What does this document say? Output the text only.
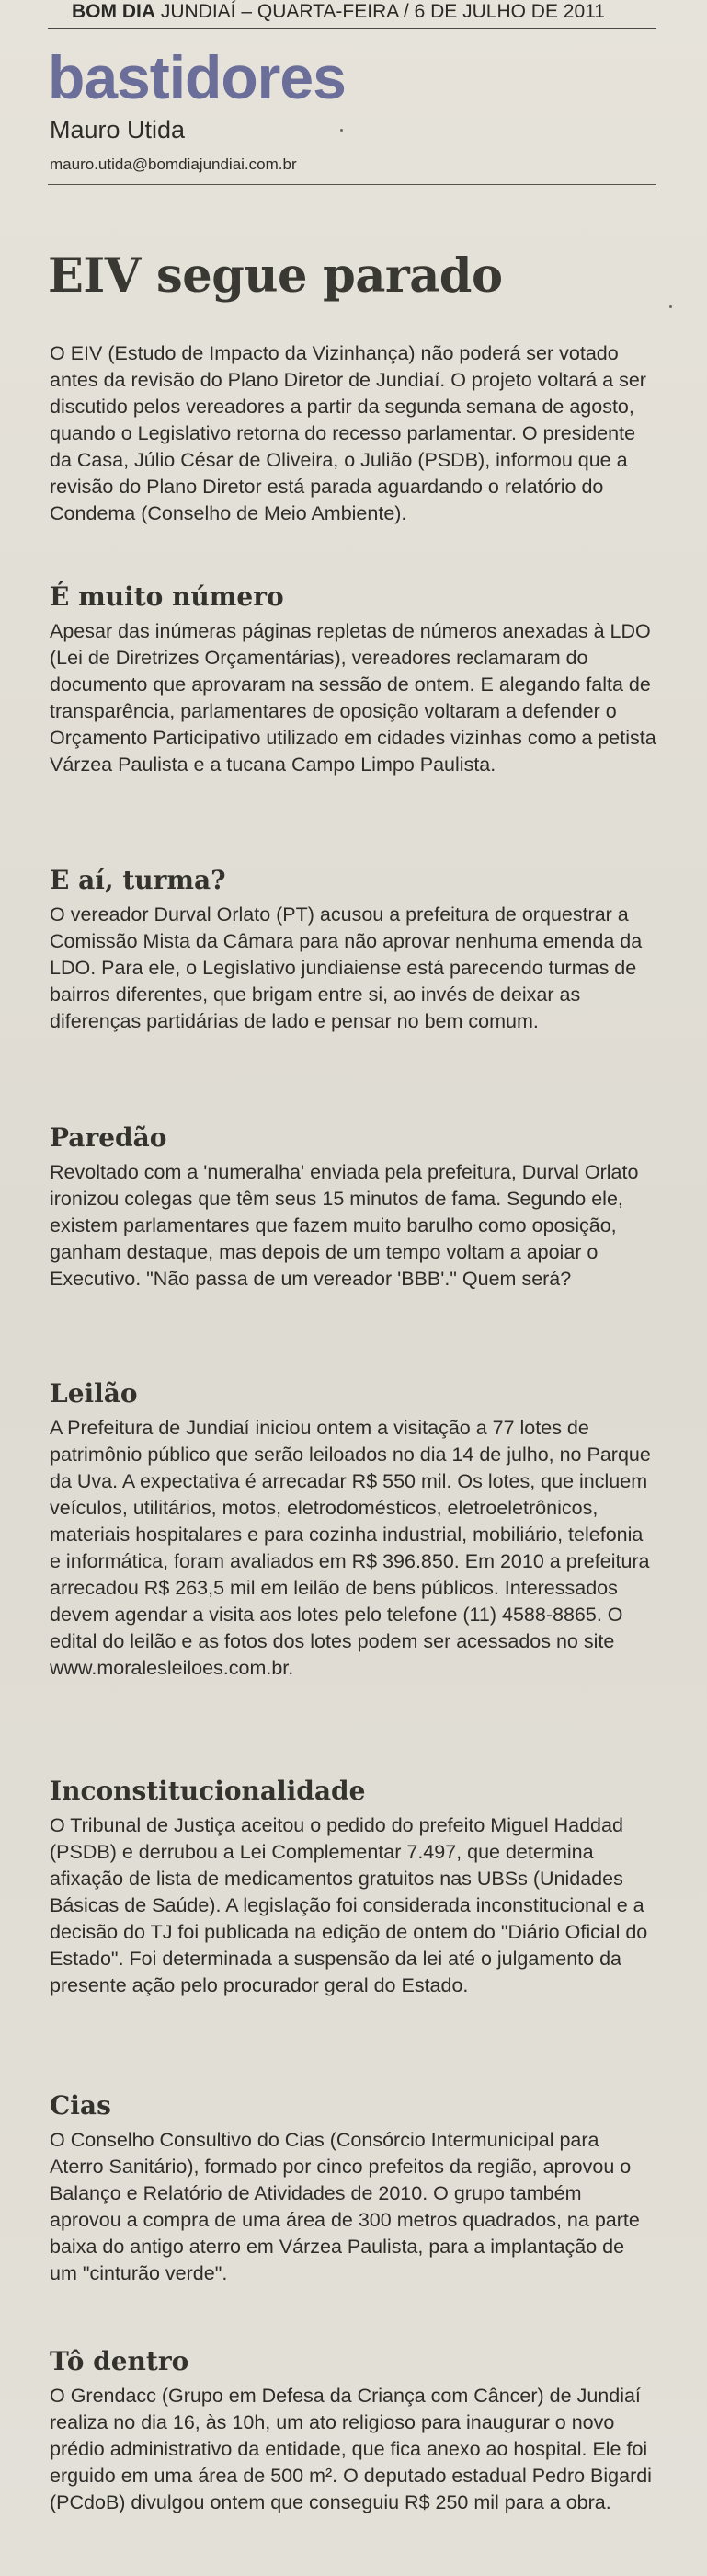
BOM DIA JUNDIAÍ – QUARTA-FEIRA / 6 DE JULHO DE 2011
bastidores
Mauro Utida
mauro.utida@bomdiajundiai.com.br
EIV segue parado
O EIV (Estudo de Impacto da Vizinhança) não poderá ser votado antes da revisão do Plano Diretor de Jundiaí. O projeto voltará a ser discutido pelos vereadores a partir da segunda semana de agosto, quando o Legislativo retorna do recesso parlamentar. O presidente da Casa, Júlio César de Oliveira, o Julião (PSDB), informou que a revisão do Plano Diretor está parada aguardando o relatório do Condema (Conselho de Meio Ambiente).
É muito número

Apesar das inúmeras páginas repletas de números anexadas à LDO (Lei de Diretrizes Orçamentárias), vereadores reclamaram do documento que aprovaram na sessão de ontem. E alegando falta de transparência, parlamentares de oposição voltaram a defender o Orçamento Participativo utilizado em cidades vizinhas como a petista Várzea Paulista e a tucana Campo Limpo Paulista.

E aí, turma?

O vereador Durval Orlato (PT) acusou a prefeitura de orquestrar a Comissão Mista da Câmara para não aprovar nenhuma emenda da LDO. Para ele, o Legislativo jundiaiense está parecendo turmas de bairros diferentes, que brigam entre si, ao invés de deixar as diferenças partidárias de lado e pensar no bem comum.

Paredão

Revoltado com a 'numeralha' enviada pela prefeitura, Durval Orlato ironizou colegas que têm seus 15 minutos de fama. Segundo ele, existem parlamentares que fazem muito barulho como oposição, ganham destaque, mas depois de um tempo voltam a apoiar o Executivo. "Não passa de um vereador 'BBB'." Quem será?

Leilão

A Prefeitura de Jundiaí iniciou ontem a visitação a 77 lotes de patrimônio público que serão leiloados no dia 14 de julho, no Parque da Uva. A expectativa é arrecadar R$ 550 mil. Os lotes, que incluem veículos, utilitários, motos, eletrodomésticos, eletroeletrônicos, materiais hospitalares e para cozinha industrial, mobiliário, telefonia e informática, foram avaliados em R$ 396.850. Em 2010 a prefeitura arrecadou R$ 263,5 mil em leilão de bens públicos. Interessados devem agendar a visita aos lotes pelo telefone (11) 4588-8865. O edital do leilão e as fotos dos lotes podem ser acessados no site www.moralesleiloes.com.br.

Inconstitucionalidade

O Tribunal de Justiça aceitou o pedido do prefeito Miguel Haddad (PSDB) e derrubou a Lei Complementar 7.497, que determina afixação de lista de medicamentos gratuitos nas UBSs (Unidades Básicas de Saúde). A legislação foi considerada inconstitucional e a decisão do TJ foi publicada na edição de ontem do "Diário Oficial do Estado". Foi determinada a suspensão da lei até o julgamento da presente ação pelo procurador geral do Estado.

Cias

O Conselho Consultivo do Cias (Consórcio Intermunicipal para Aterro Sanitário), formado por cinco prefeitos da região, aprovou o Balanço e Relatório de Atividades de 2010. O grupo também aprovou a compra de uma área de 300 metros quadrados, na parte baixa do antigo aterro em Várzea Paulista, para a implantação de um "cinturão verde".

Tô dentro

O Grendacc (Grupo em Defesa da Criança com Câncer) de Jundiaí realiza no dia 16, às 10h, um ato religioso para inaugurar o novo prédio administrativo da entidade, que fica anexo ao hospital. Ele foi erguido em uma área de 500 m². O deputado estadual Pedro Bigardi (PCdoB) divulgou ontem que conseguiu R$ 250 mil para a obra.
